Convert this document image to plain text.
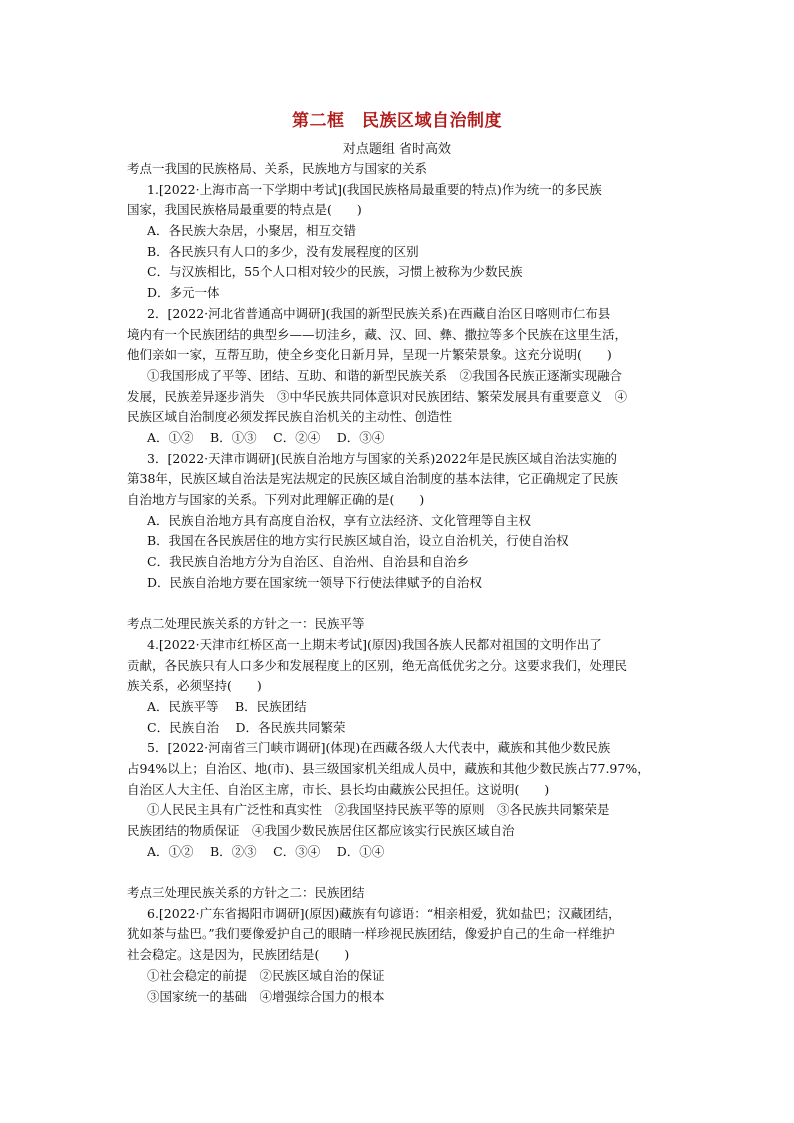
第二框　民族区域自治制度
对点题组 省时高效
考点一我国的民族格局、关系，民族地方与国家的关系
1.[2022·上海市高一下学期中考试](我国民族格局最重要的特点)作为统一的多民族
国家，我国民族格局最重要的特点是(　　)
A．各民族大杂居，小聚居，相互交错
B．各民族只有人口的多少，没有发展程度的区别
C．与汉族相比，55个人口相对较少的民族，习惯上被称为少数民族
D．多元一体
2．[2022·河北省普通高中调研](我国的新型民族关系)在西藏自治区日喀则市仁布县
境内有一个民族团结的典型乡——切洼乡，藏、汉、回、彝、撒拉等多个民族在这里生活，
他们亲如一家，互帮互助，使全乡变化日新月异，呈现一片繁荣景象。这充分说明(　　)
①我国形成了平等、团结、互助、和谐的新型民族关系　②我国各民族正逐渐实现融合
发展，民族差异逐步消失　③中华民族共同体意识对民族团结、繁荣发展具有重要意义　④
民族区域自治制度必须发挥民族自治机关的主动性、创造性
A．①②　 B．①③　 C．②④　 D．③④
3．[2022·天津市调研](民族自治地方与国家的关系)2022年是民族区域自治法实施的
第38年，民族区域自治法是宪法规定的民族区域自治制度的基本法律，它正确规定了民族
自治地方与国家的关系。下列对此理解正确的是(　　)
A．民族自治地方具有高度自治权，享有立法经济、文化管理等自主权
B．我国在各民族居住的地方实行民族区域自治，设立自治机关，行使自治权
C．我民族自治地方分为自治区、自治州、自治县和自治乡
D．民族自治地方要在国家统一领导下行使法律赋予的自治权
考点二处理民族关系的方针之一：民族平等
4.[2022·天津市红桥区高一上期末考试](原因)我国各族人民都对祖国的文明作出了
贡献，各民族只有人口多少和发展程度上的区别，绝无高低优劣之分。这要求我们，处理民
族关系，必须坚持(　　)
A．民族平等　 B．民族团结
C．民族自治　 D．各民族共同繁荣
5．[2022·河南省三门峡市调研](体现)在西藏各级人大代表中，藏族和其他少数民族
占94%以上；自治区、地(市)、县三级国家机关组成人员中，藏族和其他少数民族占77.97%，
自治区人大主任、自治区主席，市长、县长均由藏族公民担任。这说明(　　)
①人民民主具有广泛性和真实性　②我国坚持民族平等的原则　③各民族共同繁荣是
民族团结的物质保证　④我国少数民族居住区都应该实行民族区域自治
A．①②　 B．②③　 C．③④　 D．①④
考点三处理民族关系的方针之二：民族团结
6.[2022·广东省揭阳市调研](原因)藏族有句谚语：“相亲相爱，犹如盐巴；汉藏团结，
犹如茶与盐巴。”我们要像爱护自己的眼睛一样珍视民族团结，像爱护自己的生命一样维护
社会稳定。这是因为，民族团结是(　　)
①社会稳定的前提　②民族区域自治的保证
③国家统一的基础　④增强综合国力的根本
